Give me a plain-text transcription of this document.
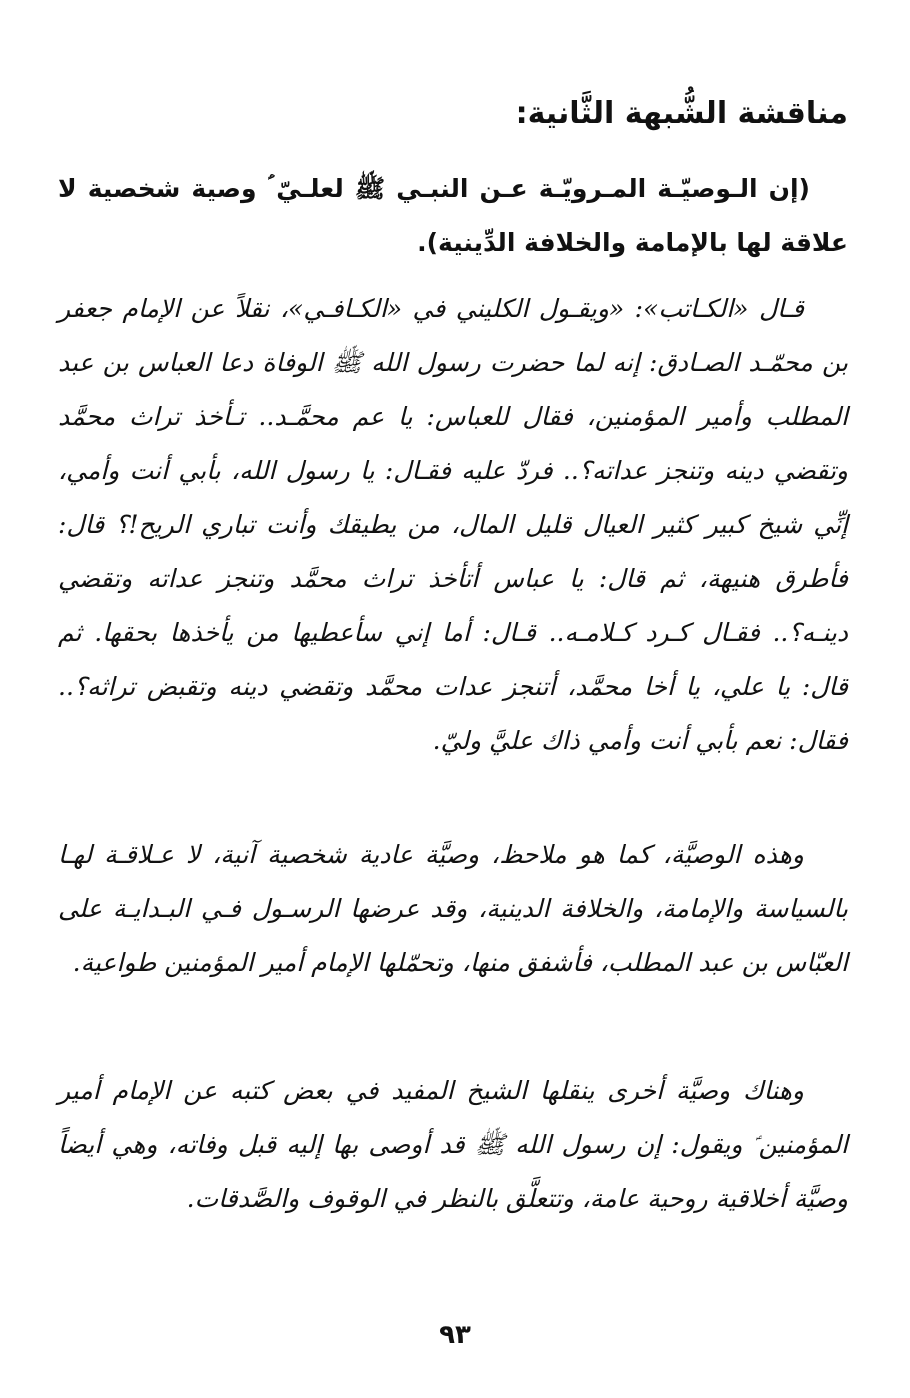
مناقشة الشُّبهة الثَّانية:

(إن الـوصيّـة المـرويّـة عـن النبـي ﷺ لعلـيّ ؑ وصية شخصية لا علاقة لها بالإمامة والخلافة الدِّينية).

قـال «الكـاتب»: «ويقـول الكليني في «الكـافـي»، نقلاً عن الإمام جعفر بن محمّـد الصـادق: إنه لما حضرت رسول الله ﷺ الوفاة دعا العباس بن عبد المطلب وأمير المؤمنين، فقال للعباس: يا عم محمَّـد.. تـأخذ تراث محمَّد وتقضي دينه وتنجز عداته؟.. فردّ عليه فقـال: يا رسول الله، بأبي أنت وأمي، إنِّي شيخ كبير كثير العيال قليل المال، من يطيقك وأنت تباري الريح!؟ قال: فأطرق هنيهة، ثم قال: يا عباس أتأخذ تراث محمَّد وتنجز عداته وتقضي دينـه؟.. فقـال كـرد كـلامـه.. قـال: أما إني سأعطيها من يأخذها بحقها. ثم قال: يا علي، يا أخا محمَّد، أتنجز عدات محمَّد وتقضي دينه وتقبض تراثه؟.. فقال: نعم بأبي أنت وأمي ذاك عليَّ وليّ.

وهذه الوصيَّة، كما هو ملاحظ، وصيَّة عادية شخصية آنية، لا عـلاقـة لهـا بالسياسة والإمامة، والخلافة الدينية، وقد عرضها الرسـول فـي البـدايـة على العبّاس بن عبد المطلب، فأشفق منها، وتحمّلها الإمام أمير المؤمنين طواعية.

وهناك وصيَّة أخرى ينقلها الشيخ المفيد في بعض كتبه عن الإمام أمير المؤمنين ؑ ويقول: إن رسول الله ﷺ قد أوصى بها إليه قبل وفاته، وهي أيضاً وصيَّة أخلاقية روحية عامة، وتتعلَّق بالنظر في الوقوف والصَّدقات.

٩٣
